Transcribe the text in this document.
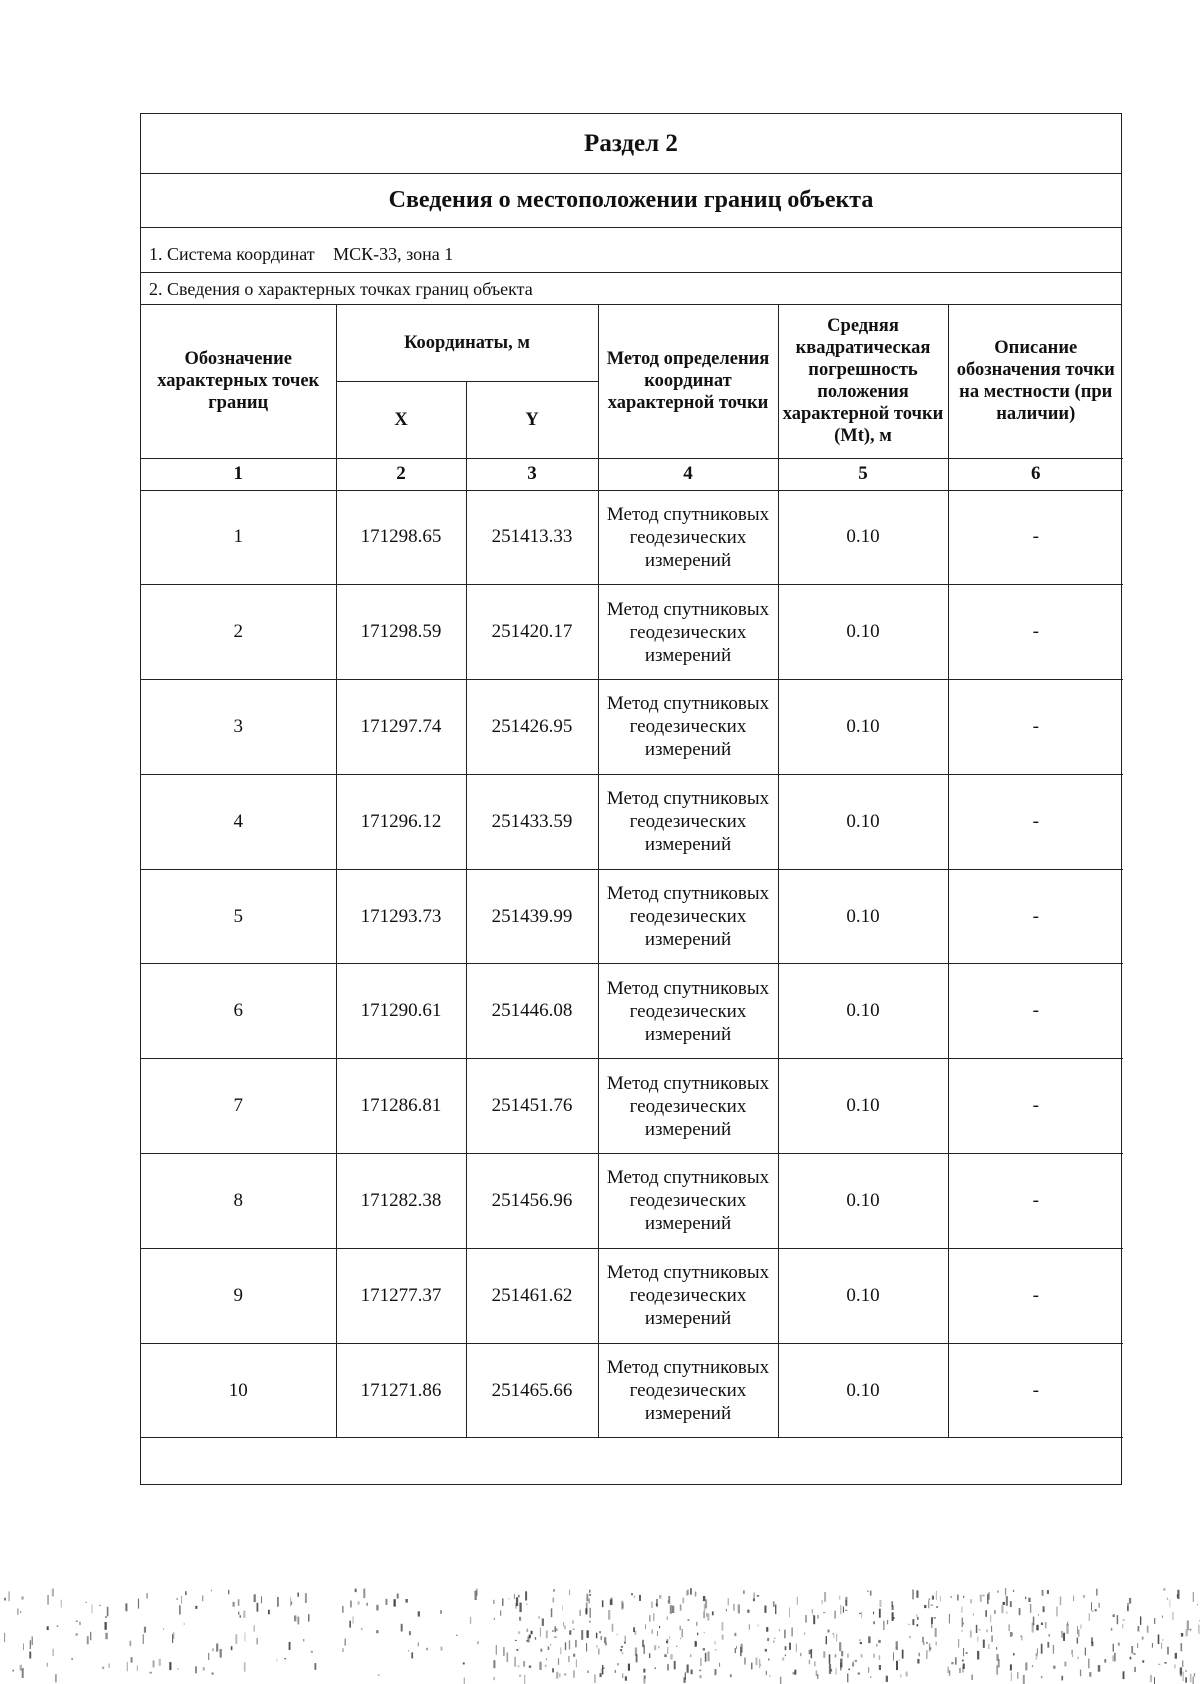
Раздел 2
Сведения о местоположении границ объекта
1. Система координат МСК-33, зона 1
2. Сведения о характерных точках границ объекта
Обозначение характерных точек границ	Координаты, м		Метод определения координат характерной точки	Средняя квадратическая погрешность положения характерной точки (Mt), м	Описание обозначения точки на местности (при наличии)
	X	Y			
1	2	3	4	5	6
1	171298.65	251413.33	Метод спутниковых геодезических измерений	0.10	-
2	171298.59	251420.17	Метод спутниковых геодезических измерений	0.10	-
3	171297.74	251426.95	Метод спутниковых геодезических измерений	0.10	-
4	171296.12	251433.59	Метод спутниковых геодезических измерений	0.10	-
5	171293.73	251439.99	Метод спутниковых геодезических измерений	0.10	-
6	171290.61	251446.08	Метод спутниковых геодезических измерений	0.10	-
7	171286.81	251451.76	Метод спутниковых геодезических измерений	0.10	-
8	171282.38	251456.96	Метод спутниковых геодезических измерений	0.10	-
9	171277.37	251461.62	Метод спутниковых геодезических измерений	0.10	-
10	171271.86	251465.66	Метод спутниковых геодезических измерений	0.10	-
